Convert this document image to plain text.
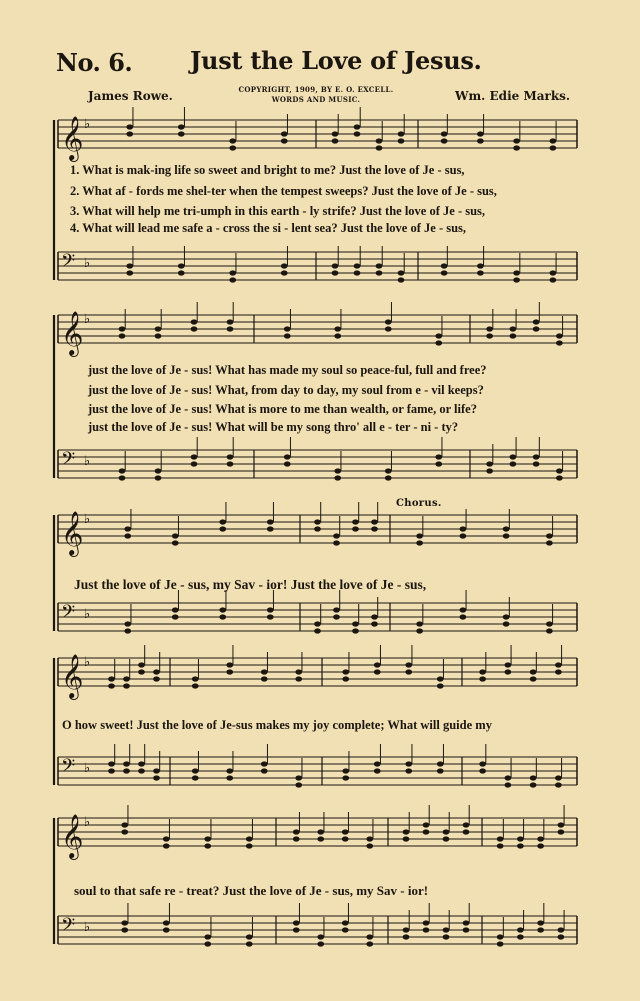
No. 6. Just the Love of Jesus.
COPYRIGHT, 1909, BY E. O. EXCELL.
WORDS AND MUSIC.
James Rowe.	Wm. Edie Marks.
𝄞 ♭
𝄢 ♭
𝄞 ♭
𝄢 ♭
𝄞 ♭
𝄢 ♭
𝄞 ♭
𝄢 ♭
𝄞 ♭
𝄢 ♭
1. What is mak-ing life so sweet and bright to me? Just the love of Je - sus,
2. What af - fords me shel-ter when the tempest sweeps? Just the love of Je - sus,
3. What will help me tri-umph in this earth - ly strife? Just the love of Je - sus,
4. What will lead me safe a - cross the si - lent sea? Just the love of Je - sus,
just the love of Je - sus! What has made my soul so peace-ful, full and free?
just the love of Je - sus! What, from day to day, my soul from e - vil keeps?
just the love of Je - sus! What is more to me than wealth, or fame, or life?
just the love of Je - sus! What will be my song thro' all e - ter - ni - ty?
Chorus.
Just the love of Je - sus, my Sav - ior! Just the love of Je - sus,
O how sweet! Just the love of Je-sus makes my joy complete; What will guide my
soul to that safe re - treat? Just the love of Je - sus, my Sav - ior!
